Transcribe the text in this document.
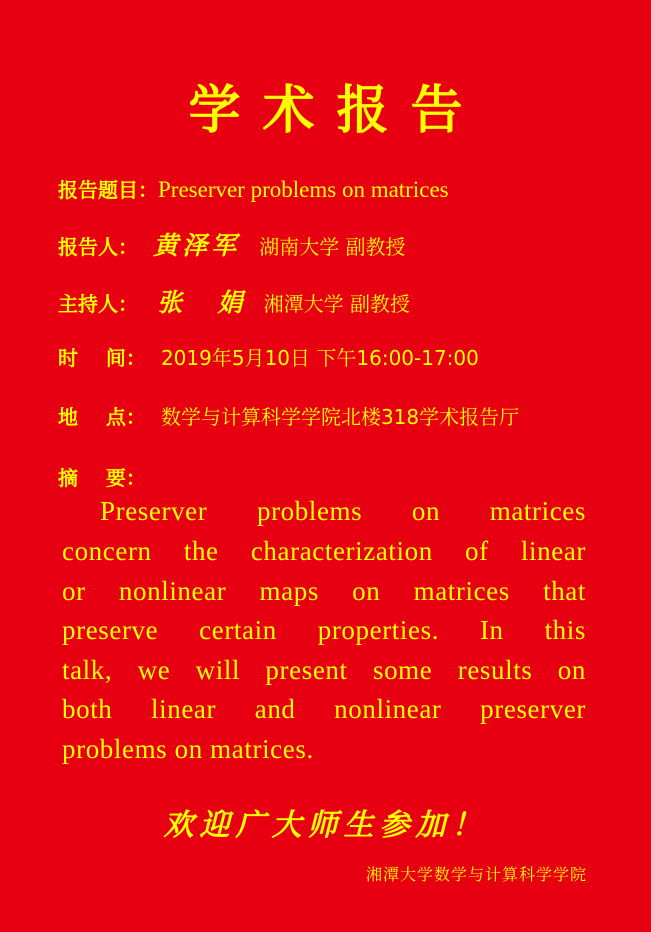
学术报告
报告题目：Preserver problems on matrices
报告人： 黄泽军 湖南大学 副教授
主持人： 张  娟 湘潭大学 副教授
时    间： 2019年5月10日 下午16:00-17:00
地    点： 数学与计算科学学院北楼318学术报告厅
摘    要：
Preserver problems on matrices
concern the characterization of linear
or nonlinear maps on matrices that
preserve certain properties. In this
talk, we will present some results on
both linear and nonlinear preserver
problems on matrices.
欢迎广大师生参加！
湘潭大学数学与计算科学学院
